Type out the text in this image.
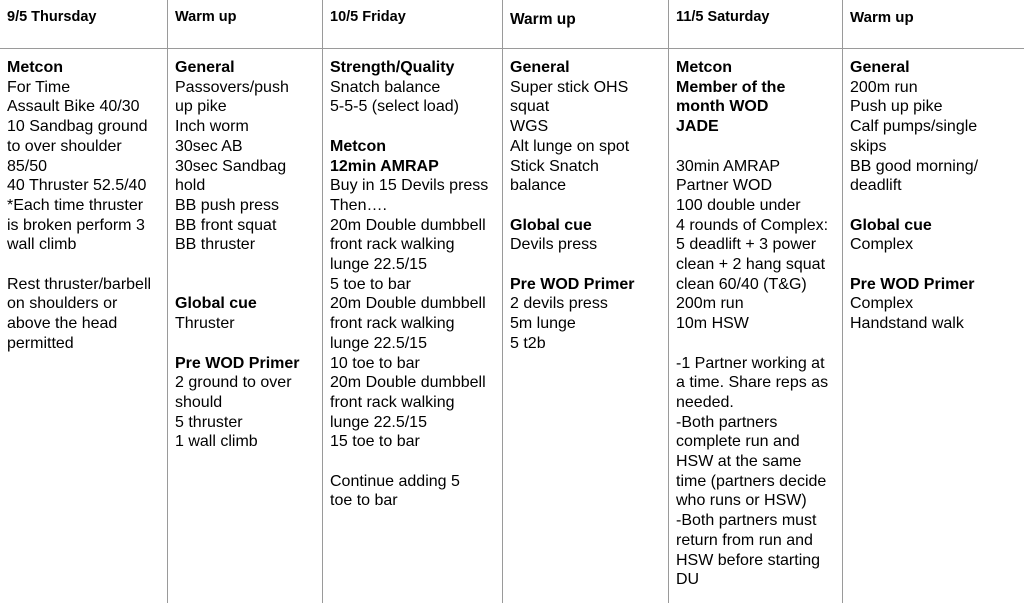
9/5 Thursday
Metcon
For Time
Assault Bike 40/30
10 Sandbag ground
to over shoulder
85/50
40 Thruster 52.5/40
*Each time thruster
is broken perform 3
wall climb
Rest thruster/barbell
on shoulders or
above the head
permitted
Warm up
General
Passovers/push
up pike
Inch worm
30sec AB
30sec Sandbag
hold
BB push press
BB front squat
BB thruster
Global cue
Thruster
Pre WOD Primer
2 ground to over
should
5 thruster
1 wall climb
10/5 Friday
Strength/Quality
Snatch balance
5-5-5 (select load)
Metcon
12min AMRAP
Buy in 15 Devils press
Then….
20m Double dumbbell
front rack walking
lunge 22.5/15
5 toe to bar
20m Double dumbbell
front rack walking
lunge 22.5/15
10 toe to bar
20m Double dumbbell
front rack walking
lunge 22.5/15
15 toe to bar
Continue adding 5
toe to bar
Warm up
General
Super stick OHS
squat
WGS
Alt lunge on spot
Stick Snatch
balance
Global cue
Devils press
Pre WOD Primer
2 devils press
5m lunge
5 t2b
11/5 Saturday
Metcon
Member of the
month WOD
JADE
30min AMRAP
Partner WOD
100 double under
4 rounds of Complex:
5 deadlift + 3 power
clean + 2 hang squat
clean 60/40 (T&G)
200m run
10m HSW
-1 Partner working at
a time. Share reps as
needed.
-Both partners
complete run and
HSW at the same
time (partners decide
who runs or HSW)
-Both partners must
return from run and
HSW before starting
DU
Warm up
General
200m run
Push up pike
Calf pumps/single
skips
BB good morning/
deadlift
Global cue
Complex
Pre WOD Primer
Complex
Handstand walk
